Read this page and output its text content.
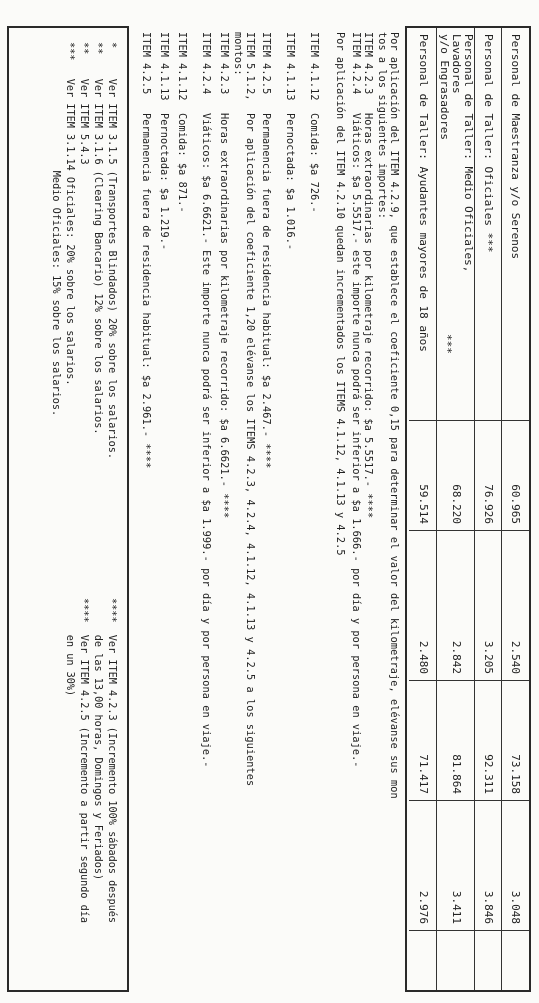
Personal de Maestranza y/o Serenos
60.965
2.540
73.158
3.048
Personal de Taller: Oficiales ***
76.926
3.205
92.311
3.846
Personal de Taller: Medio Oficiales, Lavadores
y/o Engrasadores
***
68.220
2.842
81.864
3.411
Personal de Taller: Ayudantes mayores de 18 años
59.514
2.480
71.417
2.976
Por aplicación del ITEM 4.2.9, que establece el coeficiente 0,15 para determinar el valor del kilometraje, elévanse sus mon
tos a los siguientes importes:
ITEM 4.2.3   Horas extraordinarias por kilometraje recorrido: $a 5.5517.- ****
ITEM 4.2.4   Viáticos: $a 5.5517.- este importe nunca podrá ser inferior a $a 1.666.- por día y por persona en viaje.-
Por aplicación del ITEM 4.2.10 quedan incrementados los ITEMS 4.1.12, 4.1.13 y 4.2.5
ITEM 4.1.12  Comida: $a 726.-
ITEM 4.1.13  Pernoctada: $a 1.016.-
ITEM 4.2.5   Permanencia fuera de residencia habitual: $a 2.467.- ****
ITEM 5.1.2,  Por aplicación del coeficiente 1,20 elévanse los ITEMS 4.2.3, 4.2.4, 4.1.12, 4.1.13 y 4.2.5 a los siguientes
montos:
ITEM 4.2.3   Horas extraordinarias por kilometraje recorrido: $a 6.6621.- ****
ITEM 4.2.4   Viáticos: $a 6.6621.- Este importe nunca podrá ser inferior a $a 1.999.- por día y por persona en viaje.-
ITEM 4.1.12  Comida: $a 871.-
ITEM 4.1.13  Pernoctada: $a 1.219.-
ITEM 4.2.5   Permanencia fuera de residencia habitual: $a 2.961.- ****
*     Ver ITEM 3.1.5 (Transportes Blindados) 20% sobre los salarios.
**    Ver ITEM 3.1.6 (Clearing Bancario) 12% sobre los salarios.
**    Ver ITEM 5.4.3
***   Ver ITEM 3.1.14 Oficiales: 20% sobre los salarios.
Medio Oficiales: 15% sobre los salarios.
****  Ver ITEM 4.2.3 (Incremento 100% sábados después
de las 13,00 horas, Domingos y Feriados)
****  Ver ITEM 4.2.5 (Incremento a partir segundo día
en un 30%)
